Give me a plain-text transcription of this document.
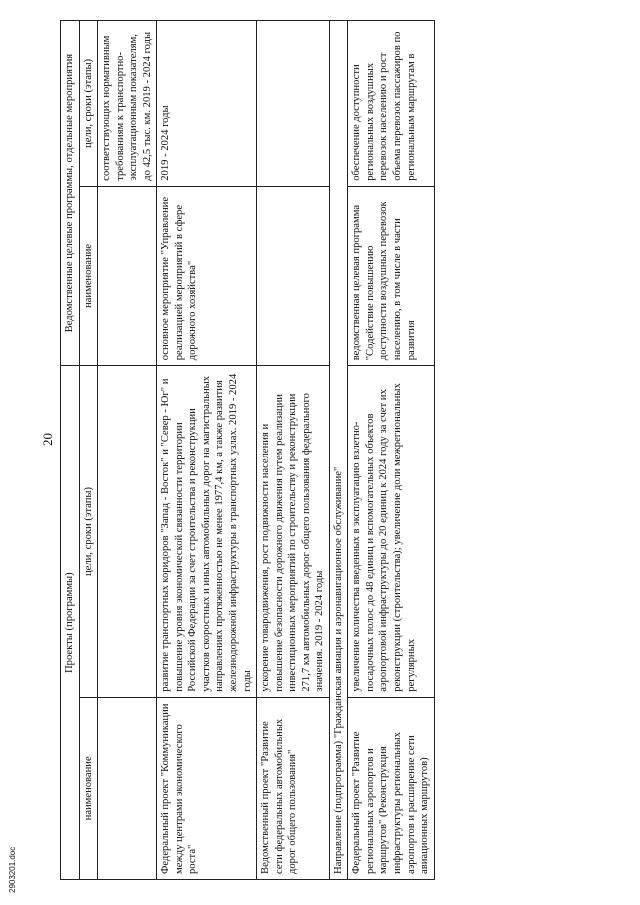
20
2903201.doc
Проекты (программы)		Ведомственные целевые программы, отдельные мероприятия	
наименование	цели, сроки (этапы)	наименование	цели, сроки (этапы)
			соответствующих нормативным требованиям к транспортно-эксплуатационным показателям, до 42,5 тыс. км. 2019 - 2024 годы
Федеральный проект "Коммуникации между центрами экономического роста"	развитие транспортных коридоров "Запад - Восток" и "Север - Юг" и повышение уровня экономической связанности территории Российской Федерации за счет строительства и реконструкции участков скоростных и иных автомобильных дорог на магистральных направлениях протяженностью не менее 1977,4 км, а также развития железнодорожной инфраструктуры в транспортных узлах. 2019 - 2024 годы	основное мероприятие "Управление реализацией мероприятий в сфере дорожного хозяйства"	2019 - 2024 годы
Ведомственный проект "Развитие сети федеральных автомобильных дорог общего пользования"	ускорение товародвижения, рост подвижности населения и повышение безопасности дорожного движения путем реализации инвестиционных мероприятий по строительству и реконструкции 271,7 км автомобильных дорог общего пользования федерального значения. 2019 - 2024 годы		
Направление (подпрограмма) "Гражданская авиация и аэронавигационное обслуживание"			
Федеральный проект "Развитие региональных аэропортов и маршрутов" (Реконструкция инфраструктуры региональных аэропортов и расширение сети авиационных маршрутов)	увеличение количества введенных в эксплуатацию взлетно-посадочных полос до 48 единиц и вспомогательных объектов аэропортовой инфраструктуры до 20 единиц к 2024 году за счет их реконструкции (строительства); увеличение доли межрегиональных регулярных	ведомственная целевая программа "Содействие повышению доступности воздушных перевозок населению, в том числе в части развития	обеспечение доступности региональных воздушных перевозок населению и рост объема перевозок пассажиров по региональным маршрутам в
